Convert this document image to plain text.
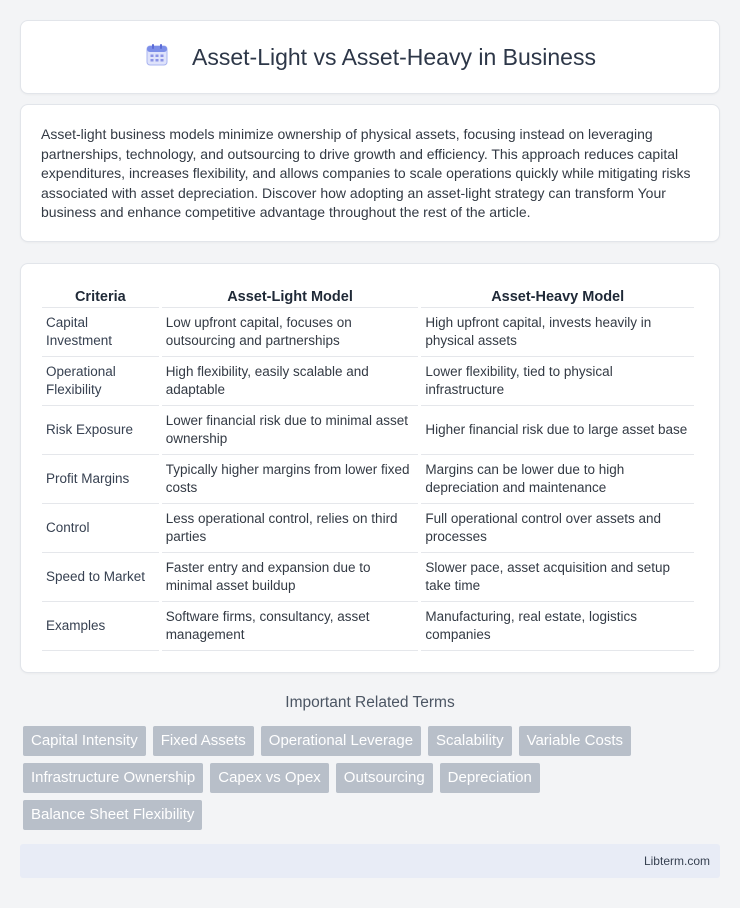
Asset-Light vs Asset-Heavy in Business

Asset-light business models minimize ownership of physical assets, focusing instead on leveraging partnerships, technology, and outsourcing to drive growth and efficiency. This approach reduces capital expenditures, increases flexibility, and allows companies to scale operations quickly while mitigating risks associated with asset depreciation. Discover how adopting an asset-light strategy can transform Your business and enhance competitive advantage throughout the rest of the article.

Criteria	Asset-Light Model	Asset-Heavy Model
Capital Investment	Low upfront capital, focuses on outsourcing and partnerships	High upfront capital, invests heavily in physical assets
Operational Flexibility	High flexibility, easily scalable and adaptable	Lower flexibility, tied to physical infrastructure
Risk Exposure	Lower financial risk due to minimal asset ownership	Higher financial risk due to large asset base
Profit Margins	Typically higher margins from lower fixed costs	Margins can be lower due to high depreciation and maintenance
Control	Less operational control, relies on third parties	Full operational control over assets and processes
Speed to Market	Faster entry and expansion due to minimal asset buildup	Slower pace, asset acquisition and setup take time
Examples	Software firms, consultancy, asset management	Manufacturing, real estate, logistics companies
Important Related Terms
Capital Intensity	Fixed Assets	Operational Leverage	Scalability	Variable Costs
Infrastructure Ownership	Capex vs Opex	Outsourcing	Depreciation
Balance Sheet Flexibility
Libterm.com
